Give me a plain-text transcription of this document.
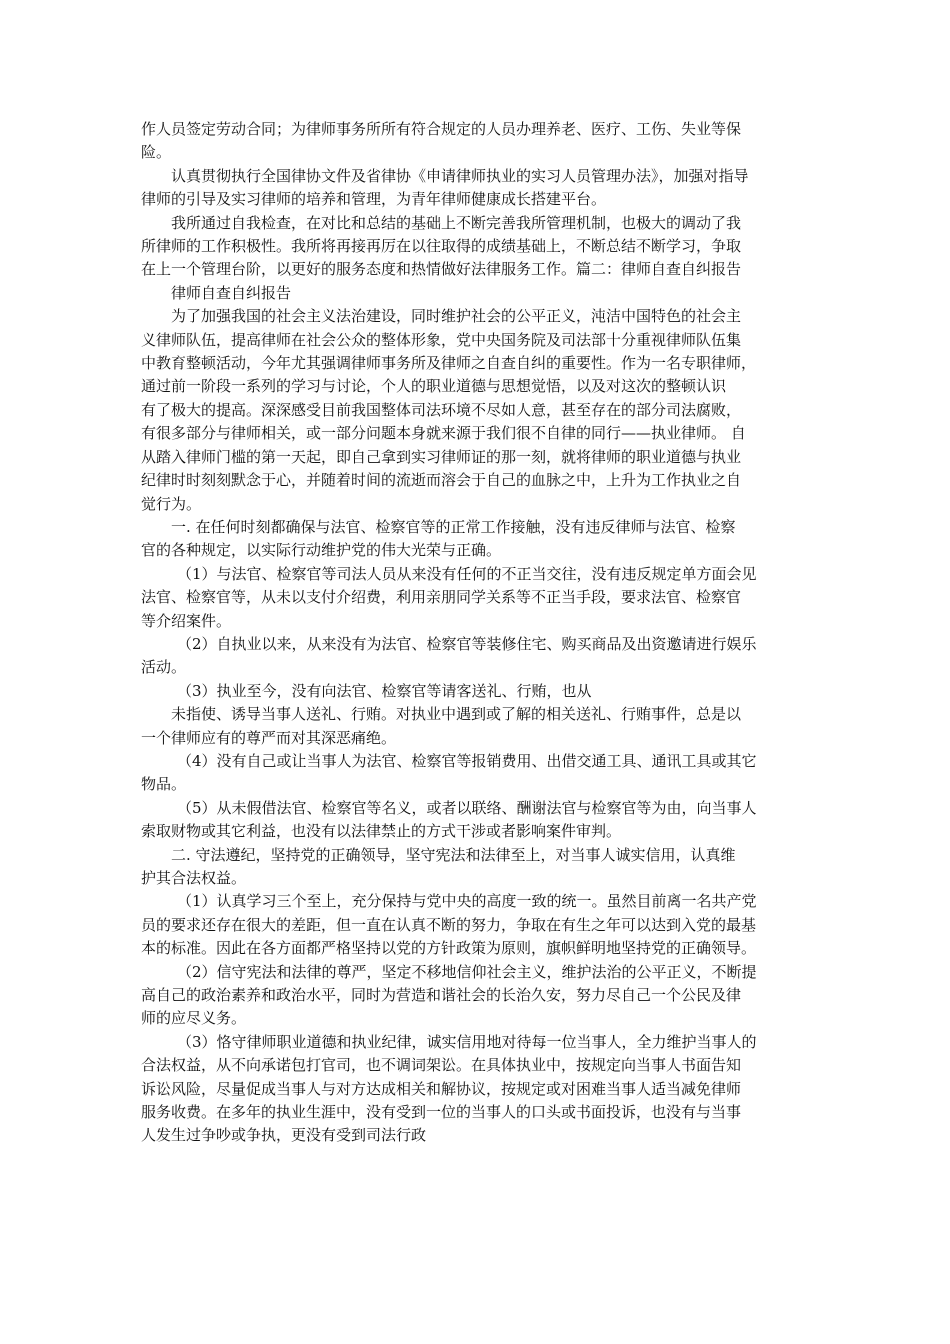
作人员签定劳动合同；为律师事务所所有符合规定的人员办理养老、医疗、工伤、失业等保
险。

认真贯彻执行全国律协文件及省律协《申请律师执业的实习人员管理办法》，加强对指导
律师的引导及实习律师的培养和管理，为青年律师健康成长搭建平台。

我所通过自我检查，在对比和总结的基础上不断完善我所管理机制，也极大的调动了我
所律师的工作积极性。我所将再接再厉在以往取得的成绩基础上，不断总结不断学习，争取
在上一个管理台阶，以更好的服务态度和热情做好法律服务工作。篇二：律师自查自纠报告

律师自查自纠报告

为了加强我国的社会主义法治建设，同时维护社会的公平正义，沌洁中国特色的社会主
义律师队伍，提高律师在社会公众的整体形象，党中央国务院及司法部十分重视律师队伍集
中教育整顿活动，今年尤其强调律师事务所及律师之自查自纠的重要性。作为一名专职律师，
通过前一阶段一系列的学习与讨论，个人的职业道德与思想觉悟，以及对这次的整顿认识
有了极大的提高。深深感受目前我国整体司法环境不尽如人意，甚至存在的部分司法腐败，
有很多部分与律师相关，或一部分问题本身就来源于我们很不自律的同行——执业律师。 自
从踏入律师门槛的第一天起，即自己拿到实习律师证的那一刻，就将律师的职业道德与执业
纪律时时刻刻默念于心，并随着时间的流逝而溶会于自己的血脉之中，上升为工作执业之自
觉行为。

一. 在任何时刻都确保与法官、检察官等的正常工作接触，没有违反律师与法官、检察
官的各种规定，以实际行动维护党的伟大光荣与正确。

（1）与法官、检察官等司法人员从来没有任何的不正当交往，没有违反规定单方面会见
法官、检察官等，从未以支付介绍费，利用亲朋同学关系等不正当手段，要求法官、检察官
等介绍案件。

（2）自执业以来，从来没有为法官、检察官等装修住宅、购买商品及出资邀请进行娱乐
活动。

（3）执业至今，没有向法官、检察官等请客送礼、行贿，也从

未指使、诱导当事人送礼、行贿。对执业中遇到或了解的相关送礼、行贿事件，总是以
一个律师应有的尊严而对其深恶痛绝。

（4）没有自己或让当事人为法官、检察官等报销费用、出借交通工具、通讯工具或其它
物品。

（5）从未假借法官、检察官等名义，或者以联络、酬谢法官与检察官等为由，向当事人
索取财物或其它利益，也没有以法律禁止的方式干涉或者影响案件审判。

二. 守法遵纪，坚持党的正确领导，坚守宪法和法律至上，对当事人诚实信用，认真维
护其合法权益。

（1）认真学习三个至上，充分保持与党中央的高度一致的统一。虽然目前离一名共产党
员的要求还存在很大的差距，但一直在认真不断的努力，争取在有生之年可以达到入党的最基
本的标准。因此在各方面都严格坚持以党的方针政策为原则，旗帜鲜明地坚持党的正确领导。

（2）信守宪法和法律的尊严，坚定不移地信仰社会主义，维护法治的公平正义，不断提
高自己的政治素养和政治水平，同时为营造和谐社会的长治久安，努力尽自己一个公民及律
师的应尽义务。

（3）恪守律师职业道德和执业纪律，诚实信用地对待每一位当事人，全力维护当事人的
合法权益，从不向承诺包打官司，也不调词架讼。在具体执业中，按规定向当事人书面告知
诉讼风险，尽量促成当事人与对方达成相关和解协议，按规定或对困难当事人适当减免律师
服务收费。在多年的执业生涯中，没有受到一位的当事人的口头或书面投诉，也没有与当事
人发生过争吵或争执，更没有受到司法行政
